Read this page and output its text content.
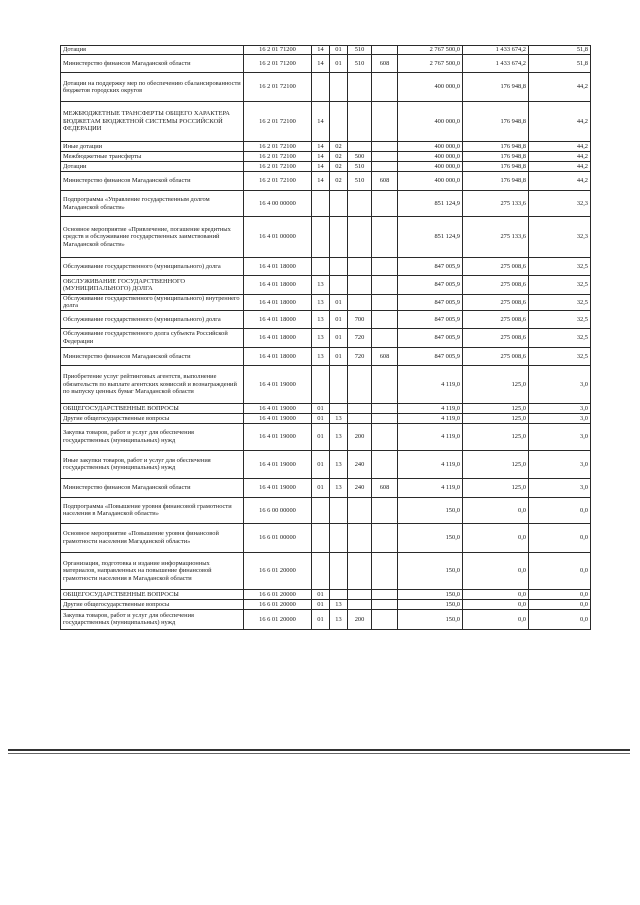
Дотация	16 2 01 71200	14	01	510		2 767 500,0	1 433 674,2	51,8
Министерство финансов Магаданской области	16 2 01 71200	14	01	510	608	2 767 500,0	1 433 674,2	51,8
Дотации на поддержку мер по обеспечению сбалансированности бюджетов городских округов	16 2 01 72100					400 000,0	176 948,8	44,2
МЕЖБЮДЖЕТНЫЕ ТРАНСФЕРТЫ ОБЩЕГО ХАРАКТЕРА БЮДЖЕТАМ БЮДЖЕТНОЙ СИСТЕМЫ РОССИЙСКОЙ ФЕДЕРАЦИИ	16 2 01 72100	14				400 000,0	176 948,8	44,2
Иные дотации	16 2 01 72100	14	02			400 000,0	176 948,8	44,2
Межбюджетные трансферты	16 2 01 72100	14	02	500		400 000,0	176 948,8	44,2
Дотации	16 2 01 72100	14	02	510		400 000,0	176 948,8	44,2
Министерство финансов Магаданской области	16 2 01 72100	14	02	510	608	400 000,0	176 948,8	44,2
Подпрограмма «Управление государственным долгом Магаданской области»	16 4 00 00000					851 124,9	275 133,6	32,3
Основное мероприятие «Привлечение, погашение кредитных средств и обслуживание государственных заимствований Магаданской области»	16 4 01 00000					851 124,9	275 133,6	32,3
Обслуживание государственного (муниципального) долга	16 4 01 18000					847 005,9	275 008,6	32,5
ОБСЛУЖИВАНИЕ ГОСУДАРСТВЕННОГО (МУНИЦИПАЛЬНОГО) ДОЛГА	16 4 01 18000	13				847 005,9	275 008,6	32,5
Обслуживание государственного (муниципального) внутреннего долга	16 4 01 18000	13	01			847 005,9	275 008,6	32,5
Обслуживание государственного (муниципального) долга	16 4 01 18000	13	01	700		847 005,9	275 008,6	32,5
Обслуживание государственного долга субъекта Российской Федерации	16 4 01 18000	13	01	720		847 005,9	275 008,6	32,5
Министерство финансов Магаданской области	16 4 01 18000	13	01	720	608	847 005,9	275 008,6	32,5
Приобретение услуг рейтинговых агентств, выполнение обязательств по выплате агентских комиссий и вознаграждений по выпуску ценных бумаг Магаданской области	16 4 01 19000					4 119,0	125,0	3,0
ОБЩЕГОСУДАРСТВЕННЫЕ ВОПРОСЫ	16 4 01 19000	01				4 119,0	125,0	3,0
Другие общегосударственные вопросы	16 4 01 19000	01	13			4 119,0	125,0	3,0
Закупка товаров, работ и услуг для обеспечения государственных (муниципальных) нужд	16 4 01 19000	01	13	200		4 119,0	125,0	3,0
Иные закупки товаров, работ и услуг для обеспечения государственных (муниципальных) нужд	16 4 01 19000	01	13	240		4 119,0	125,0	3,0
Министерство финансов Магаданской области	16 4 01 19000	01	13	240	608	4 119,0	125,0	3,0
Подпрограмма «Повышение уровня финансовой грамотности населения в Магаданской области»	16 6 00 00000					150,0	0,0	0,0
Основное мероприятие «Повышение уровня финансовой грамотности населения Магаданской области»	16 6 01 00000					150,0	0,0	0,0
Организация, подготовка и издание информационных материалов, направленных на повышение финансовой грамотности населения в Магаданской области	16 6 01 20000					150,0	0,0	0,0
ОБЩЕГОСУДАРСТВЕННЫЕ ВОПРОСЫ	16 6 01 20000	01				150,0	0,0	0,0
Другие общегосударственные вопросы	16 6 01 20000	01	13			150,0	0,0	0,0
Закупка товаров, работ и услуг для обеспечения государственных (муниципальных) нужд	16 6 01 20000	01	13	200		150,0	0,0	0,0
